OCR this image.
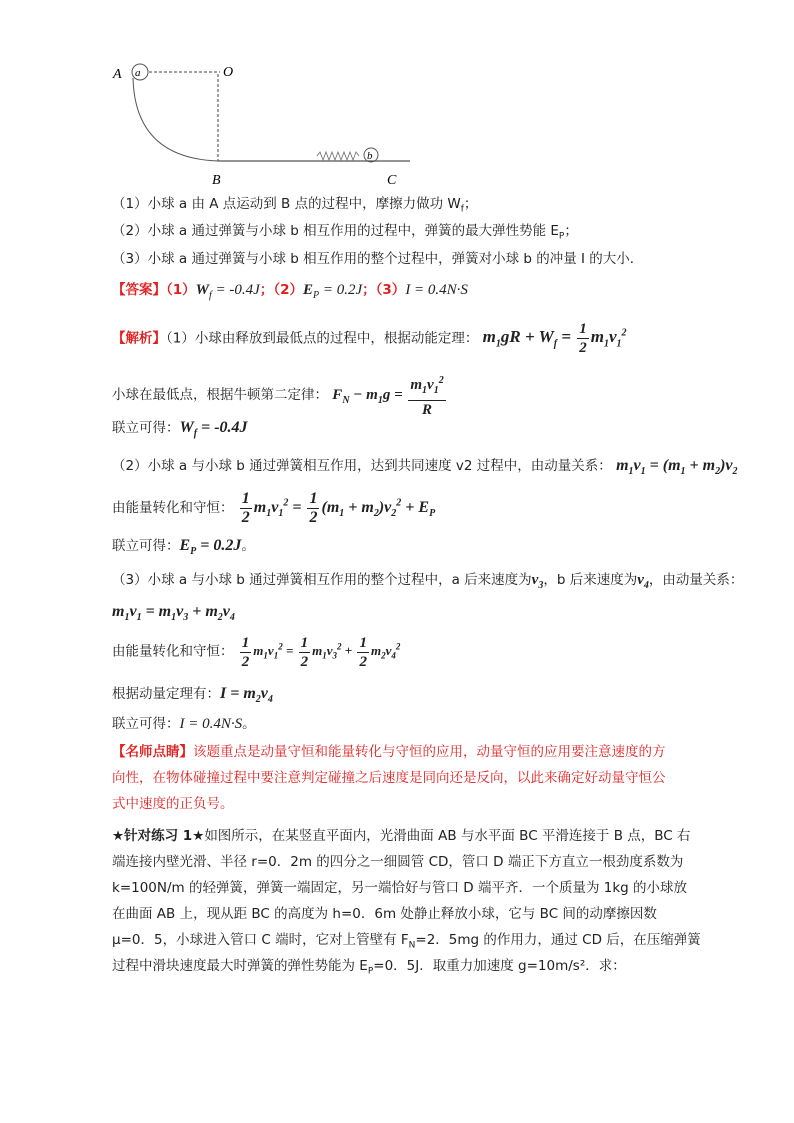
A a	O
b
B	C
（1）小球 a 由 A 点运动到 B 点的过程中，摩擦力做功 $W_f$；
（2）小球 a 通过弹簧与小球 b 相互作用的过程中，弹簧的最大弹性势能 $E_P$；
（3）小球 a 通过弹簧与小球 b 相互作用的整个过程中，弹簧对小球 b 的冲量 I 的大小．
【答案】$(1)W_f = -0.4J$；$(2)E_P = 0.2J$；（3）I = 0.4N·S
【解析】（1）小球由释放到最低点的过程中，根据动能定理： $m_1gR + W_f = \frac{1}{2} m_1v_1^2$
小球在最低点，根据牛顿第二定律： $F_N - m_1g = \frac{m_1v_1^2}{R}$
联立可得：$W_f = -0.4J$
（2）小球 a 与小球 b 通过弹簧相互作用，达到共同速度 v2 过程中，由动量关系： $m_1v_1 = (m_1 + m_2)v_2$
由能量转化和守恒： $\frac{1}{2} m_1v_1^2 = \frac{1}{2} (m_1 + m_2)v_2^2 + E_P$
联立可得：$E_P = 0.2J$。
（3）小球 a 与小球 b 通过弹簧相互作用的整个过程中，a 后来速度为$v_3$，b 后来速度为$v_4$，由动量关系：
$m_1v_1 = m_1v_3 + m_2v_4$
由能量转化和守恒： $\frac{1}{2} m_1v_1^2 = \frac{1}{2} m_1v_3^2 + \frac{1}{2} m_2v_4^2$
根据动量定理有：$I = m_2v_4$
联立可得：I = 0.4N·S。
【名师点睛】该题重点是动量守恒和能量转化与守恒的应用，动量守恒的应用要注意速度的方
向性，在物体碰撞过程中要注意判定碰撞之后速度是同向还是反向，以此来确定好动量守恒公
式中速度的正负号。
★针对练习 1★如图所示，在某竖直平面内，光滑曲面 AB 与水平面 BC 平滑连接于 B 点，BC 右
端连接内壁光滑、半径 r=0．2m 的四分之一细圆管 CD，管口 D 端正下方直立一根劲度系数为
k=100N/m 的轻弹簧，弹簧一端固定，另一端恰好与管口 D 端平齐．一个质量为 1kg 的小球放
在曲面 AB 上，现从距 BC 的高度为 h=0．6m 处静止释放小球，它与 BC 间的动摩擦因数
μ=0．5，小球进入管口 C 端时，它对上管壁有 $F_N=2$．5mg 的作用力，通过 CD 后，在压缩弹簧
过程中滑块速度最大时弹簧的弹性势能为 $E_P=0$．5J．取重力加速度 g=10m/s²．求：
